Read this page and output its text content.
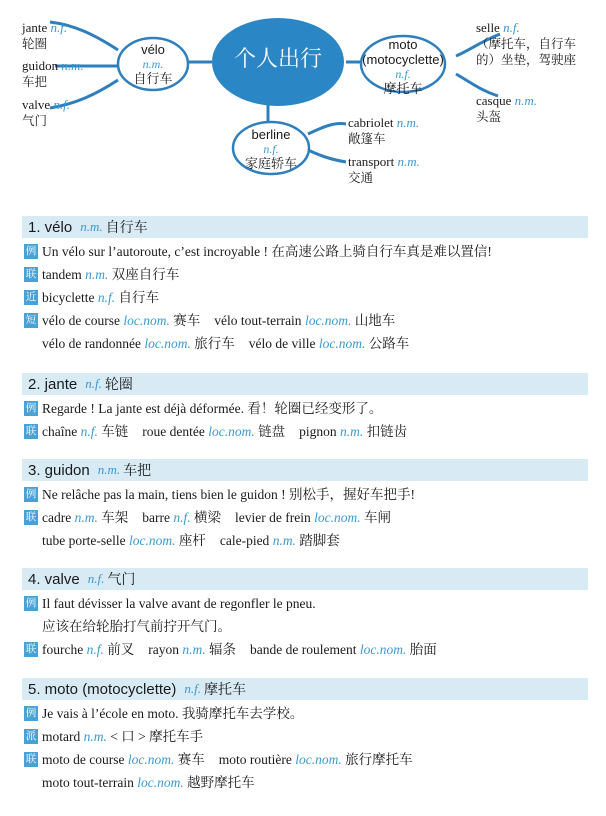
个人出行
vélo
n.m.
自行车
moto
(motocyclette)
n.f.
摩托车
berline
n.f.
家庭轿车
jante n.f.
轮圈
guidon n.m.
车把
valve n.f.
气门
selle n.f.
（摩托车，自行车的）坐垫，驾驶座
casque n.m.
头盔
cabriolet n.m.
敞篷车
transport n.m.
交通
1. vélo n.m. 自行车
例 Un vélo sur l’autoroute, c’est incroyable ! 在高速公路上骑自行车真是难以置信!
联 tandem n.m. 双座自行车
近 bicyclette n.f. 自行车
短 vélo de course loc.nom. 赛车 vélo tout-terrain loc.nom. 山地车
vélo de randonnée loc.nom. 旅行车 vélo de ville loc.nom. 公路车
2. jante n.f. 轮圈
例 Regarde ! La jante est déjà déformée. 看！轮圈已经变形了。
联 chaîne n.f. 车链 roue dentée loc.nom. 链盘 pignon n.m. 扣链齿
3. guidon n.m. 车把
例 Ne relâche pas la main, tiens bien le guidon ! 别松手，握好车把手!
联 cadre n.m. 车架 barre n.f. 横梁 levier de frein loc.nom. 车闸
tube porte-selle loc.nom. 座杆 cale-pied n.m. 踏脚套
4. valve n.f. 气门
例 Il faut dévisser la valve avant de regonfler le pneu.
应该在给轮胎打气前拧开气门。
联 fourche n.f. 前叉 rayon n.m. 辐条 bande de roulement loc.nom. 胎面
5. moto (motocyclette) n.f. 摩托车
例 Je vais à l’école en moto. 我骑摩托车去学校。
派 motard n.m. < 口 > 摩托车手
联 moto de course loc.nom. 赛车 moto routière loc.nom. 旅行摩托车
moto tout-terrain loc.nom. 越野摩托车
